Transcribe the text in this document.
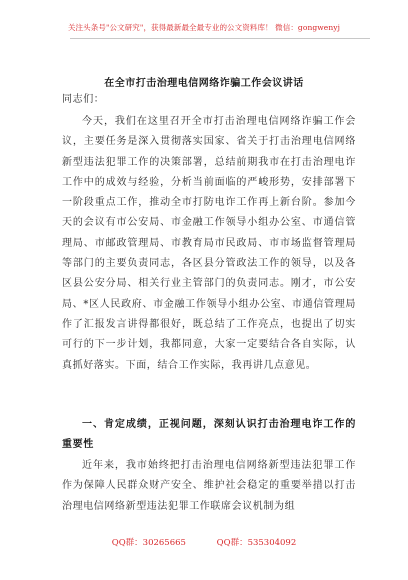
关注头条号"公文研究"，获得最新最全最专业的公文资料库！ 微信：gongwenyj
在全市打击治理电信网络诈骗工作会议讲话
同志们：
今天，我们在这里召开全市打击治理电信网络诈骗工作会议，主要任务是深入贯彻落实国家、省关于打击治理电信网络新型违法犯罪工作的决策部署，总结前期我市在打击治理电诈工作中的成效与经验，分析当前面临的严峻形势，安排部署下一阶段重点工作，推动全市打防电诈工作再上新台阶。参加今天的会议有市公安局、市金融工作领导小组办公室、市通信管理局、市邮政管理局、市教育局市民政局、市市场监督管理局等部门的主要负责同志，各区县分管政法工作的领导，以及各区县公安分局、相关行业主管部门的负责同志。刚才，市公安局、*区人民政府、市金融工作领导小组办公室、市通信管理局作了汇报发言讲得都很好，既总结了工作亮点，也提出了切实可行的下一步计划，我都同意，大家一定要结合各自实际，认真抓好落实。下面，结合工作实际，我再讲几点意见。
一、肯定成绩，正视问题，深刻认识打击治理电诈工作的重要性
近年来，我市始终把打击治理电信网络新型违法犯罪工作作为保障人民群众财产安全、维护社会稳定的重要举措以打击治理电信网络新型违法犯罪工作联席会议机制为组
QQ群：30265665	QQ群：535304092
